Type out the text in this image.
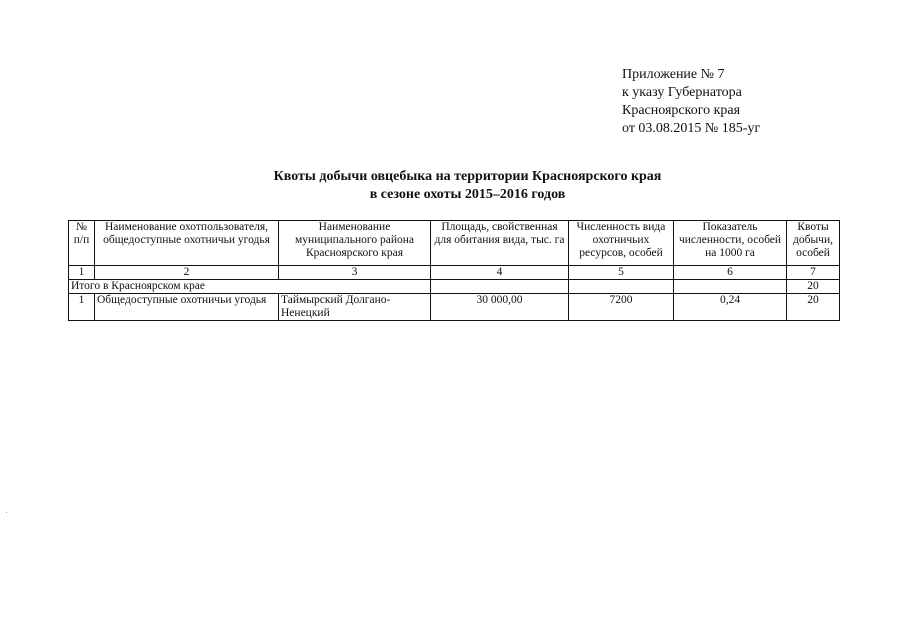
Приложение № 7
к указу Губернатора
Красноярского края
от 03.08.2015 № 185-уг
Квоты добычи овцебыка на территории Красноярского края
в сезоне охоты 2015–2016 годов
№ п/п	Наименование охотпользователя, общедоступные охотничьи угодья	Наименование муниципального района Красноярского края	Площадь, свойственная для обитания вида, тыс. га	Численность вида охотничьих ресурсов, особей	Показатель численности, особей на 1000 га	Квоты добычи, особей
1	2	3	4	5	6	7
Итого в Красноярском крае						20
1	Общедоступные охотничьи угодья	Таймырский Долгано-Ненецкий	30 000,00	7200	0,24	20
